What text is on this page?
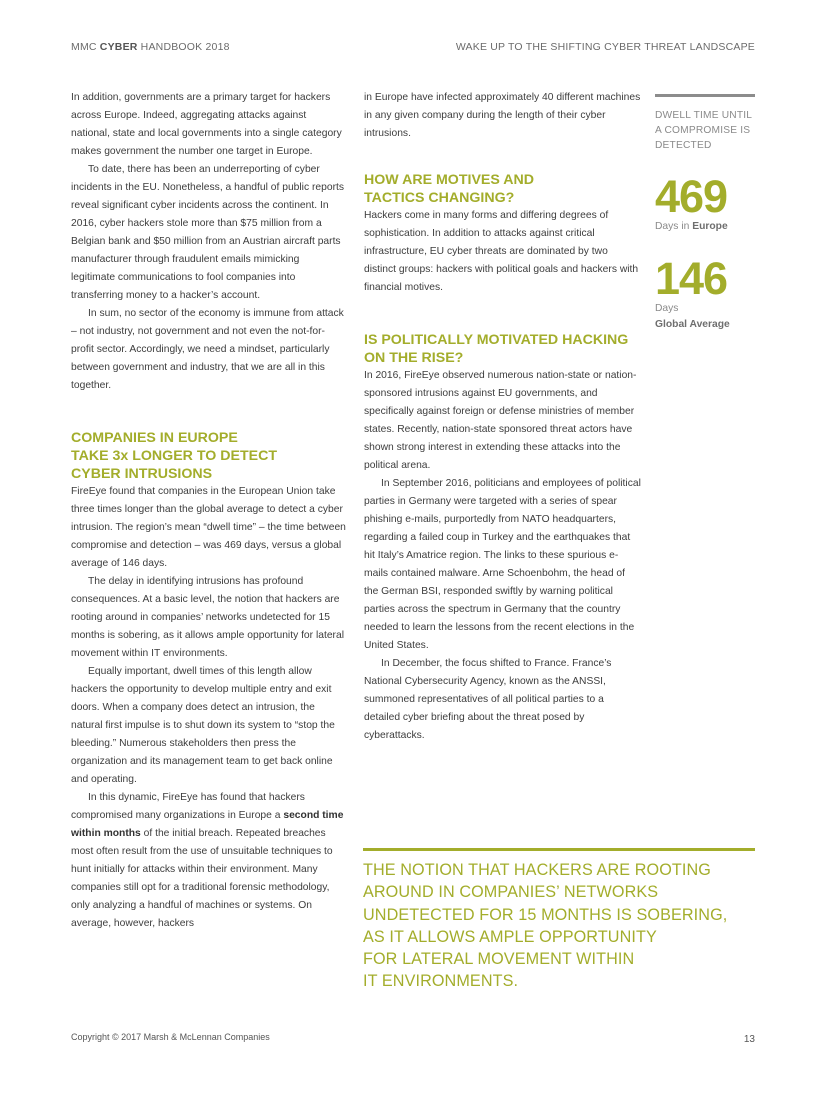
MMC CYBER HANDBOOK 2018	WAKE UP TO THE SHIFTING CYBER THREAT LANDSCAPE

In addition, governments are a primary target for hackers across Europe. Indeed, aggregating attacks against national, state and local governments into a single category makes government the number one target in Europe.

To date, there has been an underreporting of cyber incidents in the EU. Nonetheless, a handful of public reports reveal significant cyber incidents across the continent. In 2016, cyber hackers stole more than $75 million from a Belgian bank and $50 million from an Austrian aircraft parts manufacturer through fraudulent emails mimicking legitimate communications to fool companies into transferring money to a hacker’s account.

In sum, no sector of the economy is immune from attack – not industry, not government and not even the not-for-profit sector. Accordingly, we need a mindset, particularly between government and industry, that we are all in this together.

COMPANIES IN EUROPE
TAKE 3x LONGER TO DETECT
CYBER INTRUSIONS

FireEye found that companies in the European Union take three times longer than the global average to detect a cyber intrusion. The region’s mean “dwell time” – the time between compromise and detection – was 469 days, versus a global average of 146 days.

The delay in identifying intrusions has profound consequences. At a basic level, the notion that hackers are rooting around in companies’ networks undetected for 15 months is sobering, as it allows ample opportunity for lateral movement within IT environments.

Equally important, dwell times of this length allow hackers the opportunity to develop multiple entry and exit doors. When a company does detect an intrusion, the natural first impulse is to shut down its system to “stop the bleeding.” Numerous stakeholders then press the organization and its management team to get back online and operating.

In this dynamic, FireEye has found that hackers compromised many organizations in Europe a second time within months of the initial breach. Repeated breaches most often result from the use of unsuitable techniques to hunt initially for attacks within their environment. Many companies still opt for a traditional forensic methodology, only analyzing a handful of machines or systems. On average, however, hackers

in Europe have infected approximately 40 different machines in any given company during the length of their cyber intrusions.

HOW ARE MOTIVES AND
TACTICS CHANGING?

Hackers come in many forms and differing degrees of sophistication. In addition to attacks against critical infrastructure, EU cyber threats are dominated by two distinct groups: hackers with political goals and hackers with financial motives.

IS POLITICALLY MOTIVATED HACKING
ON THE RISE?

In 2016, FireEye observed numerous nation-state or nation-sponsored intrusions against EU governments, and specifically against foreign or defense ministries of member states. Recently, nation-state sponsored threat actors have shown strong interest in extending these attacks into the political arena.

In September 2016, politicians and employees of political parties in Germany were targeted with a series of spear phishing e-mails, purportedly from NATO headquarters, regarding a failed coup in Turkey and the earthquakes that hit Italy’s Amatrice region. The links to these spurious e-mails contained malware. Arne Schoenbohm, the head of the German BSI, responded swiftly by warning political parties across the spectrum in Germany that the country needed to learn the lessons from the recent elections in the United States.

In December, the focus shifted to France. France’s National Cybersecurity Agency, known as the ANSSI, summoned representatives of all political parties to a detailed cyber briefing about the threat posed by cyberattacks.

DWELL TIME UNTIL
A COMPROMISE IS
DETECTED
469
Days in Europe
146
Days
Global Average
THE NOTION THAT HACKERS ARE ROOTING
AROUND IN COMPANIES’ NETWORKS
UNDETECTED FOR 15 MONTHS IS SOBERING,
AS IT ALLOWS AMPLE OPPORTUNITY
FOR LATERAL MOVEMENT WITHIN
IT ENVIRONMENTS.
Copyright © 2017 Marsh & McLennan Companies	13
